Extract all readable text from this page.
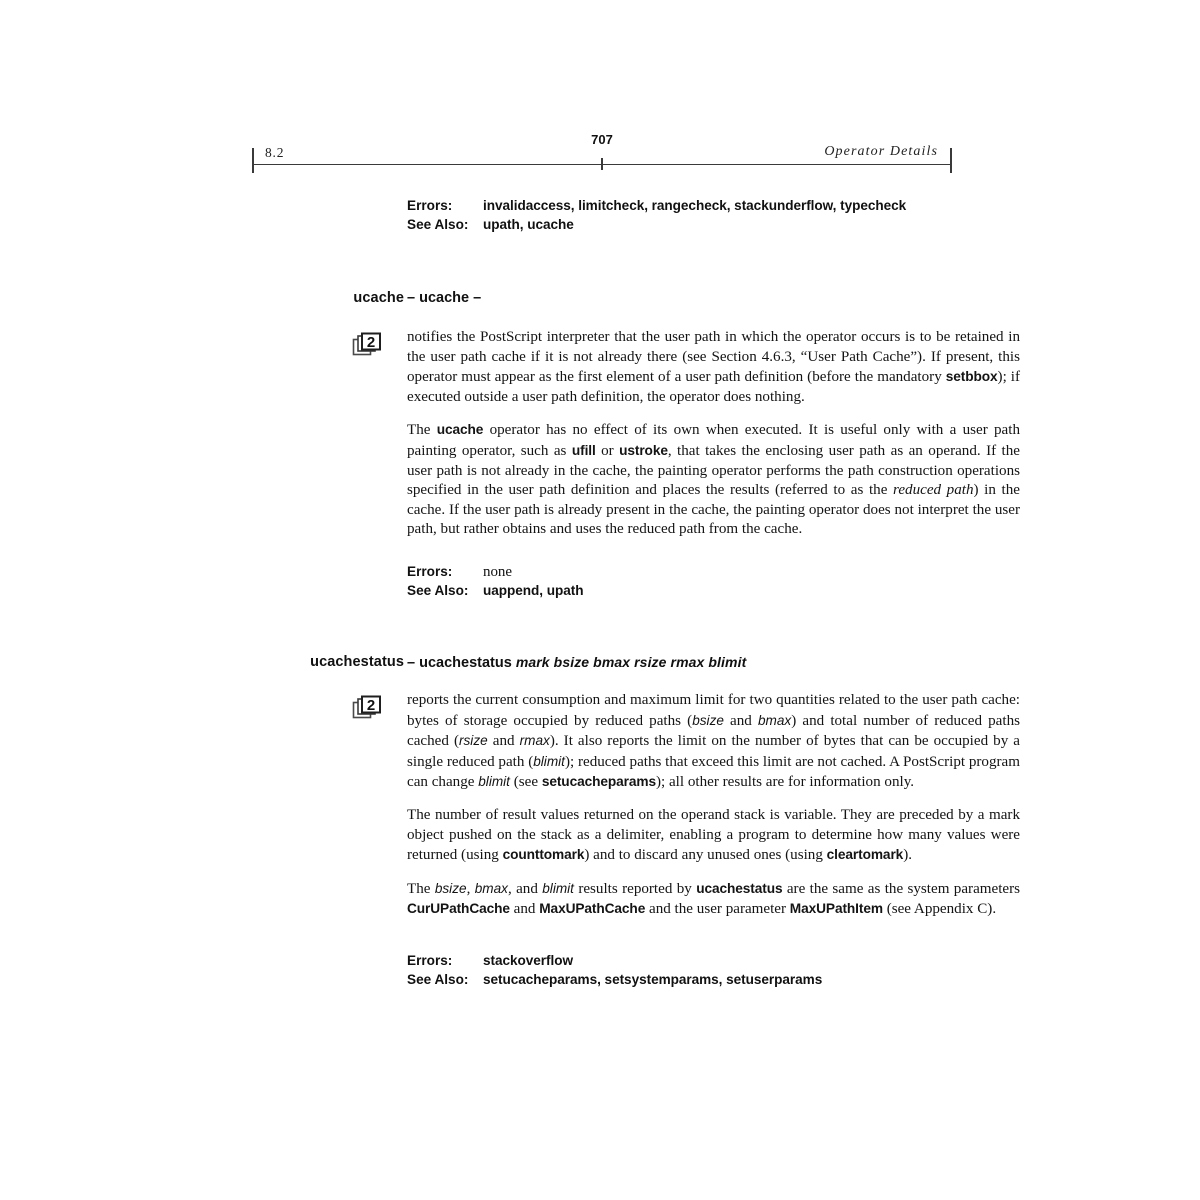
8.2
707
Operator Details
Errors: invalidaccess, limitcheck, rangecheck, stackunderflow, typecheck
See Also: upath, ucache
ucache – ucache –
2 notifies the PostScript interpreter that the user path in which the operator occurs is to be retained in the user path cache if it is not already there (see Section 4.6.3, “User Path Cache”). If present, this operator must appear as the first element of a user path definition (before the mandatory setbbox); if executed outside a user path definition, the operator does nothing.

The ucache operator has no effect of its own when executed. It is useful only with a user path painting operator, such as ufill or ustroke, that takes the enclosing user path as an operand. If the user path is not already in the cache, the painting operator performs the path construction operations specified in the user path definition and places the results (referred to as the reduced path) in the cache. If the user path is already present in the cache, the painting operator does not interpret the user path, but rather obtains and uses the reduced path from the cache.

Errors: none
See Also: uappend, upath
ucachestatus – ucachestatus mark bsize bmax rsize rmax blimit
2 reports the current consumption and maximum limit for two quantities related to the user path cache: bytes of storage occupied by reduced paths (bsize and bmax) and total number of reduced paths cached (rsize and rmax). It also reports the limit on the number of bytes that can be occupied by a single reduced path (blimit); reduced paths that exceed this limit are not cached. A PostScript program can change blimit (see setucacheparams); all other results are for information only.

The number of result values returned on the operand stack is variable. They are preceded by a mark object pushed on the stack as a delimiter, enabling a program to determine how many values were returned (using counttomark) and to discard any unused ones (using cleartomark).

The bsize, bmax, and blimit results reported by ucachestatus are the same as the system parameters CurUPathCache and MaxUPathCache and the user parameter MaxUPathItem (see Appendix C).

Errors: stackoverflow
See Also: setucacheparams, setsystemparams, setuserparams
